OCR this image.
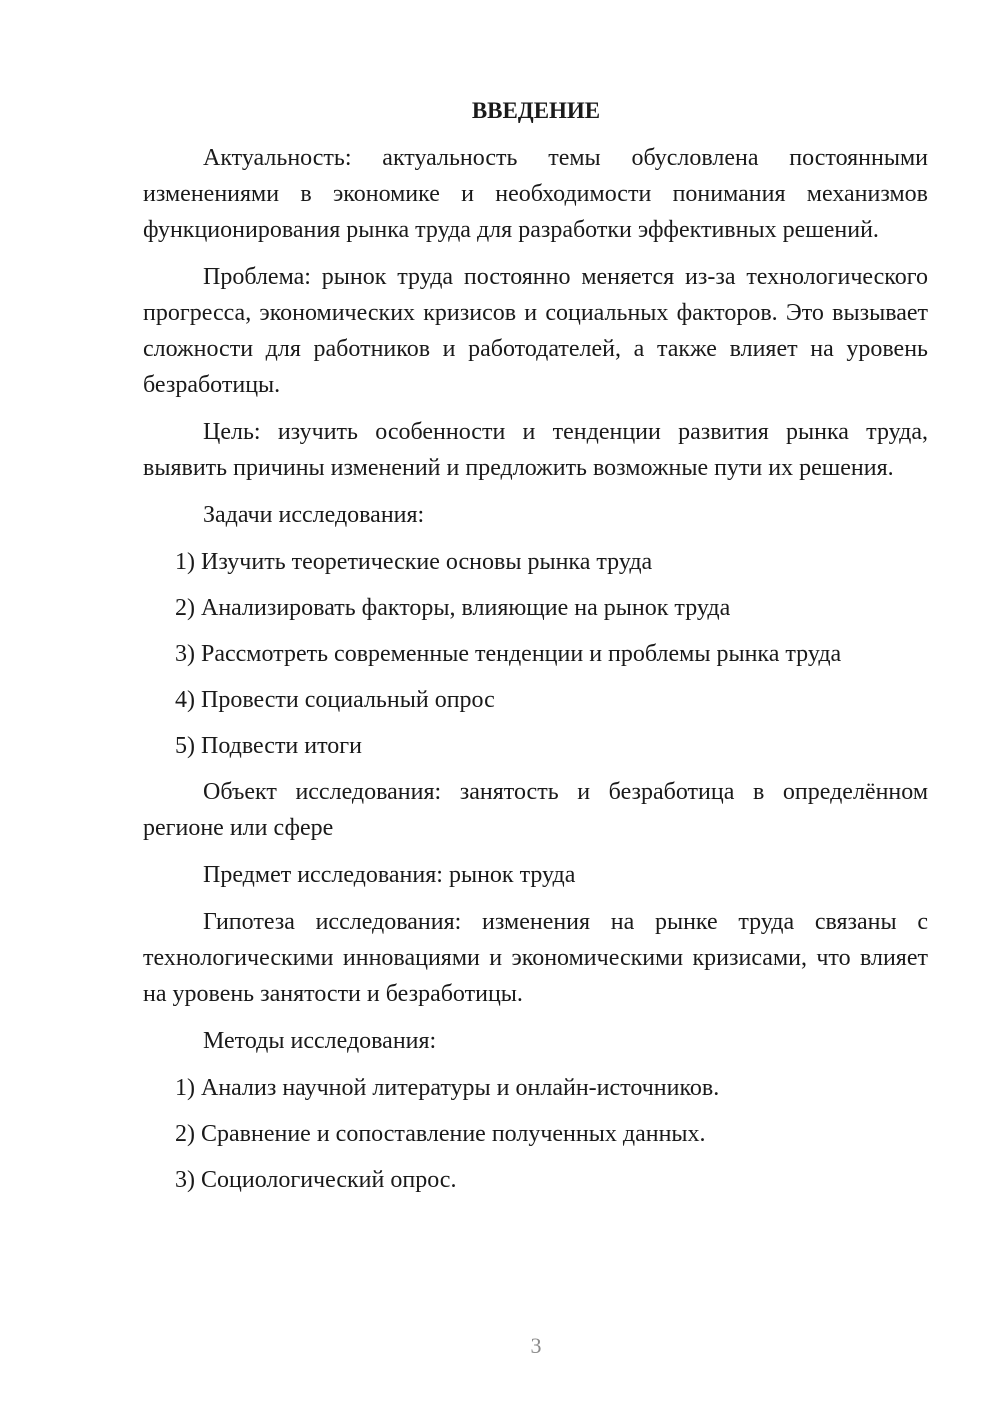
ВВЕДЕНИЕ

Актуальность: актуальность темы обусловлена постоянными изменениями в экономике и необходимости понимания механизмов функционирования рынка труда для разработки эффективных решений.

Проблема: рынок труда постоянно меняется из-за технологического прогресса, экономических кризисов и социальных факторов. Это вызывает сложности для работников и работодателей, а также влияет на уровень безработицы.

Цель: изучить особенности и тенденции развития рынка труда, выявить причины изменений и предложить возможные пути их решения.

Задачи исследования:

1) Изучить теоретические основы рынка труда
2) Анализировать факторы, влияющие на рынок труда
3) Рассмотреть современные тенденции и проблемы рынка труда
4) Провести социальный опрос
5) Подвести итоги

Объект исследования: занятость и безработица в определённом регионе или сфере

Предмет исследования: рынок труда

Гипотеза исследования: изменения на рынке труда связаны с технологическими инновациями и экономическими кризисами, что влияет на уровень занятости и безработицы.

Методы исследования:

1) Анализ научной литературы и онлайн-источников.
2) Сравнение и сопоставление полученных данных.
3) Социологический опрос.
3
